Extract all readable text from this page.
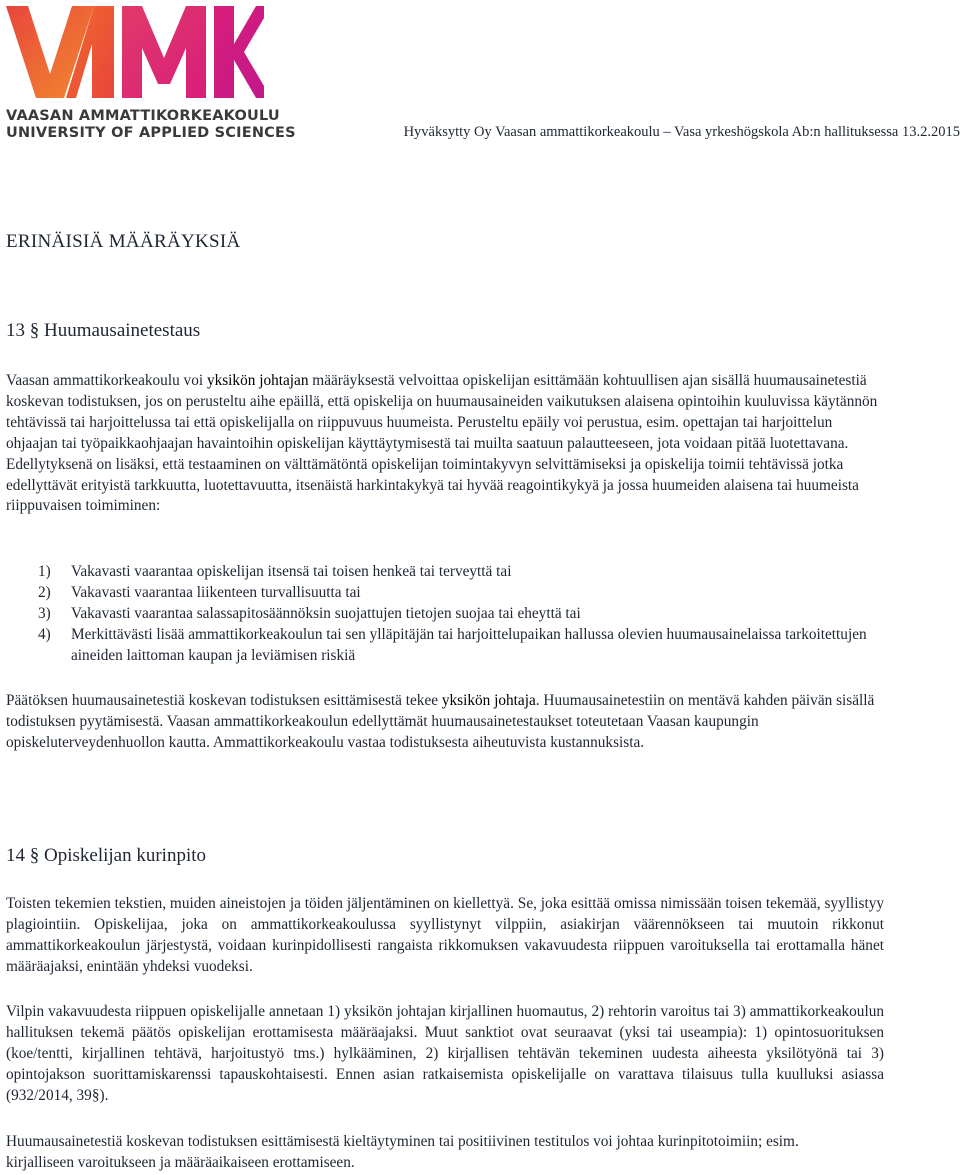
VAASAN AMMATTIKORKEAKOULU
UNIVERSITY OF APPLIED SCIENCES	Hyväksytty Oy Vaasan ammattikorkeakoulu – Vasa yrkeshögskola Ab:n hallituksessa 13.2.2015
ERINÄISIÄ MÄÄRÄYKSIÄ
13 § Huumausainetestaus

Vaasan ammattikorkeakoulu voi yksikön johtajan määräyksestä velvoittaa opiskelijan esittämään kohtuullisen ajan sisällä huumausainetestiä koskevan todistuksen, jos on perusteltu aihe epäillä, että opiskelija on huumausaineiden vaikutuksen alaisena opintoihin kuuluvissa käytännön tehtävissä tai harjoittelussa tai että opiskelijalla on riippuvuus huumeista. Perusteltu epäily voi perustua, esim. opettajan tai harjoittelun ohjaajan tai työpaikkaohjaajan havaintoihin opiskelijan käyttäytymisestä tai muilta saatuun palautteeseen, jota voidaan pitää luotettavana. Edellytyksenä on lisäksi, että testaaminen on välttämätöntä opiskelijan toimintakyvyn selvittämiseksi ja opiskelija toimii tehtävissä jotka edellyttävät erityistä tarkkuutta, luotettavuutta, itsenäistä harkintakykyä tai hyvää reagointikykyä ja jossa huumeiden alaisena tai huumeista riippuvaisen toimiminen:

1)	Vakavasti vaarantaa opiskelijan itsensä tai toisen henkeä tai terveyttä tai
2)	Vakavasti vaarantaa liikenteen turvallisuutta tai
3)	Vakavasti vaarantaa salassapitosäännöksin suojattujen tietojen suojaa tai eheyttä tai
4)	Merkittävästi lisää ammattikorkeakoulun tai sen ylläpitäjän tai harjoittelupaikan hallussa olevien huumausainelaissa tarkoitettujen aineiden laittoman kaupan ja leviämisen riskiä

Päätöksen huumausainetestiä koskevan todistuksen esittämisestä tekee yksikön johtaja. Huumausainetestiin on mentävä kahden päivän sisällä todistuksen pyytämisestä. Vaasan ammattikorkeakoulun edellyttämät huumausainetestaukset toteutetaan Vaasan kaupungin opiskeluterveydenhuollon kautta. Ammattikorkeakoulu vastaa todistuksesta aiheutuvista kustannuksista.

14 § Opiskelijan kurinpito

Toisten tekemien tekstien, muiden aineistojen ja töiden jäljentäminen on kiellettyä. Se, joka esittää omissa nimissään toisen tekemää, syyllistyy plagiointiin. Opiskelijaa, joka on ammattikorkeakoulussa syyllistynyt vilppiin, asiakirjan väärennökseen tai muutoin rikkonut ammattikorkeakoulun järjestystä, voidaan kurinpidollisesti rangaista rikkomuksen vakavuudesta riippuen varoituksella tai erottamalla hänet määräajaksi, enintään yhdeksi vuodeksi.

Vilpin vakavuudesta riippuen opiskelijalle annetaan 1) yksikön johtajan kirjallinen huomautus, 2) rehtorin varoitus tai 3) ammattikorkeakoulun hallituksen tekemä päätös opiskelijan erottamisesta määräajaksi. Muut sanktiot ovat seuraavat (yksi tai useampia): 1) opintosuorituksen (koe/tentti, kirjallinen tehtävä, harjoitustyö tms.) hylkääminen, 2) kirjallisen tehtävän tekeminen uudesta aiheesta yksilötyönä tai 3) opintojakson suorittamiskarenssi tapauskohtaisesti. Ennen asian ratkaisemista opiskelijalle on varattava tilaisuus tulla kuulluksi asiassa (932/2014, 39§).

Huumausainetestiä koskevan todistuksen esittämisestä kieltäytyminen tai positiivinen testitulos voi johtaa kurinpitotoimiin; esim. kirjalliseen varoitukseen ja määräaikaiseen erottamiseen.
